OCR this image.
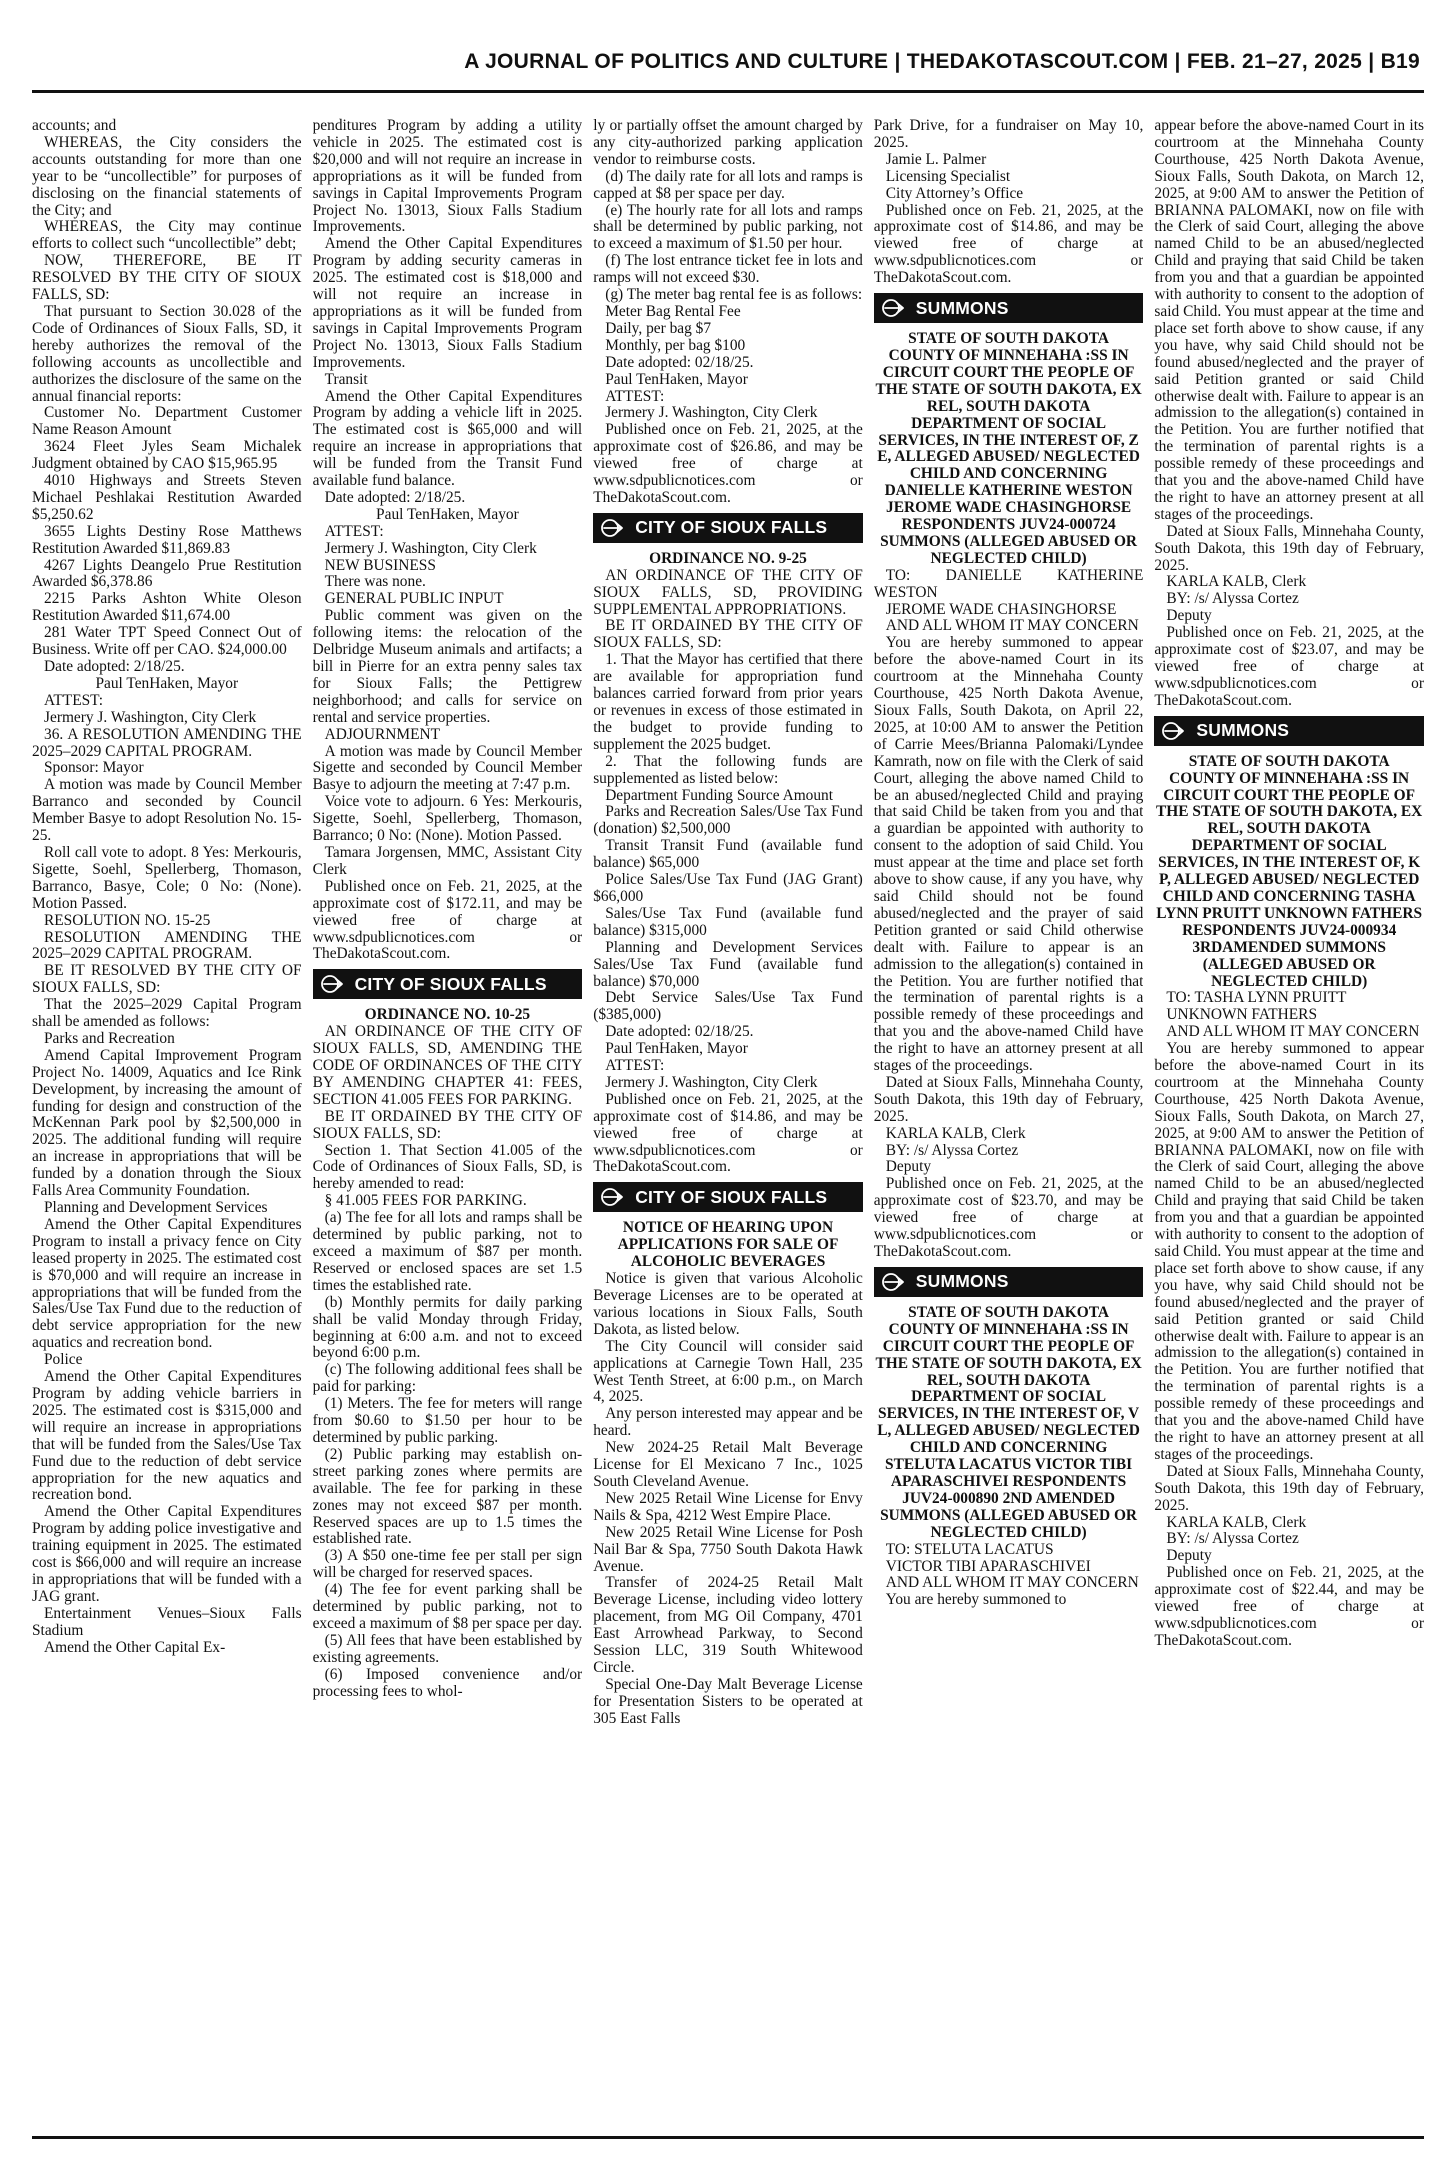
A JOURNAL OF POLITICS AND CULTURE | THEDAKOTASCOUT.COM | FEB. 21–27, 2025 | B19

accounts; and

WHEREAS, the City considers the accounts outstanding for more than one year to be “uncollectible” for purposes of disclosing on the financial statements of the City; and

WHEREAS, the City may continue efforts to collect such “uncollectible” debt;

NOW, THEREFORE, BE IT RESOLVED BY THE CITY OF SIOUX FALLS, SD:

That pursuant to Section 30.028 of the Code of Ordinances of Sioux Falls, SD, it hereby authorizes the removal of the following accounts as uncollectible and authorizes the disclosure of the same on the annual financial reports:

Customer No. Department Customer Name Reason Amount

3624 Fleet Jyles Seam Michalek Judgment obtained by CAO $15,965.95

4010 Highways and Streets Steven Michael Peshlakai Restitution Awarded $5,250.62

3655 Lights Destiny Rose Matthews Restitution Awarded $11,869.83

4267 Lights Deangelo Prue Restitution Awarded $6,378.86

2215 Parks Ashton White Oleson Restitution Awarded $11,674.00

281 Water TPT Speed Connect Out of Business. Write off per CAO. $24,000.00

Date adopted: 2/18/25.

Paul TenHaken, Mayor

ATTEST:

Jermery J. Washington, City Clerk

36. A RESOLUTION AMENDING THE 2025–2029 CAPITAL PROGRAM.

Sponsor: Mayor

A motion was made by Council Member Barranco and seconded by Council Member Basye to adopt Resolution No. 15-25.

Roll call vote to adopt. 8 Yes: Merkouris, Sigette, Soehl, Spellerberg, Thomason, Barranco, Basye, Cole; 0 No: (None). Motion Passed.

RESOLUTION NO. 15-25

RESOLUTION AMENDING THE 2025–2029 CAPITAL PROGRAM.

BE IT RESOLVED BY THE CITY OF SIOUX FALLS, SD:

That the 2025–2029 Capital Program shall be amended as follows:

Parks and Recreation

Amend Capital Improvement Program Project No. 14009, Aquatics and Ice Rink Development, by increasing the amount of funding for design and construction of the McKennan Park pool by $2,500,000 in 2025. The additional funding will require an increase in appropriations that will be funded by a donation through the Sioux Falls Area Community Foundation.

Planning and Development Services

Amend the Other Capital Expenditures Program to install a privacy fence on City leased property in 2025. The estimated cost is $70,000 and will require an increase in appropriations that will be funded from the Sales/Use Tax Fund due to the reduction of debt service appropriation for the new aquatics and recreation bond.

Police

Amend the Other Capital Expenditures Program by adding vehicle barriers in 2025. The estimated cost is $315,000 and will require an increase in appropriations that will be funded from the Sales/Use Tax Fund due to the reduction of debt service appropriation for the new aquatics and recreation bond.

Amend the Other Capital Expenditures Program by adding police investigative and training equipment in 2025. The estimated cost is $66,000 and will require an increase in appropriations that will be funded with a JAG grant.

Entertainment Venues–Sioux Falls Stadium

Amend the Other Capital Ex-

penditures Program by adding a utility vehicle in 2025. The estimated cost is $20,000 and will not require an increase in appropriations as it will be funded from savings in Capital Improvements Program Project No. 13013, Sioux Falls Stadium Improvements.

Amend the Other Capital Expenditures Program by adding security cameras in 2025. The estimated cost is $18,000 and will not require an increase in appropriations as it will be funded from savings in Capital Improvements Program Project No. 13013, Sioux Falls Stadium Improvements.

Transit

Amend the Other Capital Expenditures Program by adding a vehicle lift in 2025. The estimated cost is $65,000 and will require an increase in appropriations that will be funded from the Transit Fund available fund balance.

Date adopted: 2/18/25.

Paul TenHaken, Mayor

ATTEST:

Jermery J. Washington, City Clerk

NEW BUSINESS

There was none.

GENERAL PUBLIC INPUT

Public comment was given on the following items: the relocation of the Delbridge Museum animals and artifacts; a bill in Pierre for an extra penny sales tax for Sioux Falls; the Pettigrew neighborhood; and calls for service on rental and service properties.

ADJOURNMENT

A motion was made by Council Member Sigette and seconded by Council Member Basye to adjourn the meeting at 7:47 p.m.

Voice vote to adjourn. 6 Yes: Merkouris, Sigette, Soehl, Spellerberg, Thomason, Barranco; 0 No: (None). Motion Passed.

Tamara Jorgensen, MMC, Assistant City Clerk

Published once on Feb. 21, 2025, at the approximate cost of $172.11, and may be viewed free of charge at www.sdpublicnotices.com or TheDakotaScout.com.

CITY OF SIOUX FALLS

ORDINANCE NO. 10-25

AN ORDINANCE OF THE CITY OF SIOUX FALLS, SD, AMENDING THE CODE OF ORDINANCES OF THE CITY BY AMENDING CHAPTER 41: FEES, SECTION 41.005 FEES FOR PARKING.

BE IT ORDAINED BY THE CITY OF SIOUX FALLS, SD:

Section 1. That Section 41.005 of the Code of Ordinances of Sioux Falls, SD, is hereby amended to read:

§ 41.005 FEES FOR PARKING.

(a) The fee for all lots and ramps shall be determined by public parking, not to exceed a maximum of $87 per month. Reserved or enclosed spaces are set 1.5 times the established rate.

(b) Monthly permits for daily parking shall be valid Monday through Friday, beginning at 6:00 a.m. and not to exceed beyond 6:00 p.m.

(c) The following additional fees shall be paid for parking:

(1) Meters. The fee for meters will range from $0.60 to $1.50 per hour to be determined by public parking.

(2) Public parking may establish on-street parking zones where permits are available. The fee for parking in these zones may not exceed $87 per month. Reserved spaces are up to 1.5 times the established rate.

(3) A $50 one-time fee per stall per sign will be charged for reserved spaces.

(4) The fee for event parking shall be determined by public parking, not to exceed a maximum of $8 per space per day.

(5) All fees that have been established by existing agreements.

(6) Imposed convenience and/or processing fees to whol-

ly or partially offset the amount charged by any city-authorized parking application vendor to reimburse costs.

(d) The daily rate for all lots and ramps is capped at $8 per space per day.

(e) The hourly rate for all lots and ramps shall be determined by public parking, not to exceed a maximum of $1.50 per hour.

(f) The lost entrance ticket fee in lots and ramps will not exceed $30.

(g) The meter bag rental fee is as follows:

Meter Bag Rental Fee

Daily, per bag $7

Monthly, per bag $100

Date adopted: 02/18/25.

Paul TenHaken, Mayor

ATTEST:

Jermery J. Washington, City Clerk

Published once on Feb. 21, 2025, at the approximate cost of $26.86, and may be viewed free of charge at www.sdpublicnotices.com or TheDakotaScout.com.

CITY OF SIOUX FALLS

ORDINANCE NO. 9-25

AN ORDINANCE OF THE CITY OF SIOUX FALLS, SD, PROVIDING SUPPLEMENTAL APPROPRIATIONS.

BE IT ORDAINED BY THE CITY OF SIOUX FALLS, SD:

1. That the Mayor has certified that there are available for appropriation fund balances carried forward from prior years or revenues in excess of those estimated in the budget to provide funding to supplement the 2025 budget.

2. That the following funds are supplemented as listed below:

Department Funding Source Amount

Parks and Recreation Sales/Use Tax Fund (donation) $2,500,000

Transit Transit Fund (available fund balance) $65,000

Police Sales/Use Tax Fund (JAG Grant) $66,000

Sales/Use Tax Fund (available fund balance) $315,000

Planning and Development Services Sales/Use Tax Fund (available fund balance) $70,000

Debt Service Sales/Use Tax Fund ($385,000)

Date adopted: 02/18/25.

Paul TenHaken, Mayor

ATTEST:

Jermery J. Washington, City Clerk

Published once on Feb. 21, 2025, at the approximate cost of $14.86, and may be viewed free of charge at www.sdpublicnotices.com or TheDakotaScout.com.

CITY OF SIOUX FALLS

NOTICE OF HEARING UPON APPLICATIONS FOR SALE OF ALCOHOLIC BEVERAGES

Notice is given that various Alcoholic Beverage Licenses are to be operated at various locations in Sioux Falls, South Dakota, as listed below.

The City Council will consider said applications at Carnegie Town Hall, 235 West Tenth Street, at 6:00 p.m., on March 4, 2025.

Any person interested may appear and be heard.

New 2024-25 Retail Malt Beverage License for El Mexicano 7 Inc., 1025 South Cleveland Avenue.

New 2025 Retail Wine License for Envy Nails & Spa, 4212 West Empire Place.

New 2025 Retail Wine License for Posh Nail Bar & Spa, 7750 South Dakota Hawk Avenue.

Transfer of 2024-25 Retail Malt Beverage License, including video lottery placement, from MG Oil Company, 4701 East Arrowhead Parkway, to Second Session LLC, 319 South Whitewood Circle.

Special One-Day Malt Beverage License for Presentation Sisters to be operated at 305 East Falls

Park Drive, for a fundraiser on May 10, 2025.

Jamie L. Palmer

Licensing Specialist

City Attorney’s Office

Published once on Feb. 21, 2025, at the approximate cost of $14.86, and may be viewed free of charge at www.sdpublicnotices.com or TheDakotaScout.com.

SUMMONS

STATE OF SOUTH DAKOTA COUNTY OF MINNEHAHA :SS IN CIRCUIT COURT THE PEOPLE OF THE STATE OF SOUTH DAKOTA, EX REL, SOUTH DAKOTA DEPARTMENT OF SOCIAL SERVICES, IN THE INTEREST OF, Z E, ALLEGED ABUSED/ NEGLECTED CHILD AND CONCERNING DANIELLE KATHERINE WESTON JEROME WADE CHASINGHORSE RESPONDENTS JUV24-000724 SUMMONS (ALLEGED ABUSED OR NEGLECTED CHILD)

TO: DANIELLE KATHERINE WESTON

JEROME WADE CHASINGHORSE

AND ALL WHOM IT MAY CONCERN

You are hereby summoned to appear before the above-named Court in its courtroom at the Minnehaha County Courthouse, 425 North Dakota Avenue, Sioux Falls, South Dakota, on April 22, 2025, at 10:00 AM to answer the Petition of Carrie Mees/Brianna Palomaki/Lyndee Kamrath, now on file with the Clerk of said Court, alleging the above named Child to be an abused/neglected Child and praying that said Child be taken from you and that a guardian be appointed with authority to consent to the adoption of said Child. You must appear at the time and place set forth above to show cause, if any you have, why said Child should not be found abused/neglected and the prayer of said Petition granted or said Child otherwise dealt with. Failure to appear is an admission to the allegation(s) contained in the Petition. You are further notified that the termination of parental rights is a possible remedy of these proceedings and that you and the above-named Child have the right to have an attorney present at all stages of the proceedings.

Dated at Sioux Falls, Minnehaha County, South Dakota, this 19th day of February, 2025.

KARLA KALB, Clerk

BY: /s/ Alyssa Cortez

Deputy

Published once on Feb. 21, 2025, at the approximate cost of $23.70, and may be viewed free of charge at www.sdpublicnotices.com or TheDakotaScout.com.

SUMMONS

STATE OF SOUTH DAKOTA COUNTY OF MINNEHAHA :SS IN CIRCUIT COURT THE PEOPLE OF THE STATE OF SOUTH DAKOTA, EX REL, SOUTH DAKOTA DEPARTMENT OF SOCIAL SERVICES, IN THE INTEREST OF, V L, ALLEGED ABUSED/ NEGLECTED CHILD AND CONCERNING STELUTA LACATUS VICTOR TIBI APARASCHIVEI RESPONDENTS JUV24-000890 2ND AMENDED SUMMONS (ALLEGED ABUSED OR NEGLECTED CHILD)

TO: STELUTA LACATUS

VICTOR TIBI APARASCHIVEI

AND ALL WHOM IT MAY CONCERN

You are hereby summoned to

appear before the above-named Court in its courtroom at the Minnehaha County Courthouse, 425 North Dakota Avenue, Sioux Falls, South Dakota, on March 12, 2025, at 9:00 AM to answer the Petition of BRIANNA PALOMAKI, now on file with the Clerk of said Court, alleging the above named Child to be an abused/neglected Child and praying that said Child be taken from you and that a guardian be appointed with authority to consent to the adoption of said Child. You must appear at the time and place set forth above to show cause, if any you have, why said Child should not be found abused/neglected and the prayer of said Petition granted or said Child otherwise dealt with. Failure to appear is an admission to the allegation(s) contained in the Petition. You are further notified that the termination of parental rights is a possible remedy of these proceedings and that you and the above-named Child have the right to have an attorney present at all stages of the proceedings.

Dated at Sioux Falls, Minnehaha County, South Dakota, this 19th day of February, 2025.

KARLA KALB, Clerk

BY: /s/ Alyssa Cortez

Deputy

Published once on Feb. 21, 2025, at the approximate cost of $23.07, and may be viewed free of charge at www.sdpublicnotices.com or TheDakotaScout.com.

SUMMONS

STATE OF SOUTH DAKOTA COUNTY OF MINNEHAHA :SS IN CIRCUIT COURT THE PEOPLE OF THE STATE OF SOUTH DAKOTA, EX REL, SOUTH DAKOTA DEPARTMENT OF SOCIAL SERVICES, IN THE INTEREST OF, K P, ALLEGED ABUSED/ NEGLECTED CHILD AND CONCERNING TASHA LYNN PRUITT UNKNOWN FATHERS RESPONDENTS JUV24-000934 3RDAMENDED SUMMONS (ALLEGED ABUSED OR NEGLECTED CHILD)

TO: TASHA LYNN PRUITT

UNKNOWN FATHERS

AND ALL WHOM IT MAY CONCERN

You are hereby summoned to appear before the above-named Court in its courtroom at the Minnehaha County Courthouse, 425 North Dakota Avenue, Sioux Falls, South Dakota, on March 27, 2025, at 9:00 AM to answer the Petition of BRIANNA PALOMAKI, now on file with the Clerk of said Court, alleging the above named Child to be an abused/neglected Child and praying that said Child be taken from you and that a guardian be appointed with authority to consent to the adoption of said Child. You must appear at the time and place set forth above to show cause, if any you have, why said Child should not be found abused/neglected and the prayer of said Petition granted or said Child otherwise dealt with. Failure to appear is an admission to the allegation(s) contained in the Petition. You are further notified that the termination of parental rights is a possible remedy of these proceedings and that you and the above-named Child have the right to have an attorney present at all stages of the proceedings.

Dated at Sioux Falls, Minnehaha County, South Dakota, this 19th day of February, 2025.

KARLA KALB, Clerk

BY: /s/ Alyssa Cortez

Deputy

Published once on Feb. 21, 2025, at the approximate cost of $22.44, and may be viewed free of charge at www.sdpublicnotices.com or TheDakotaScout.com.
